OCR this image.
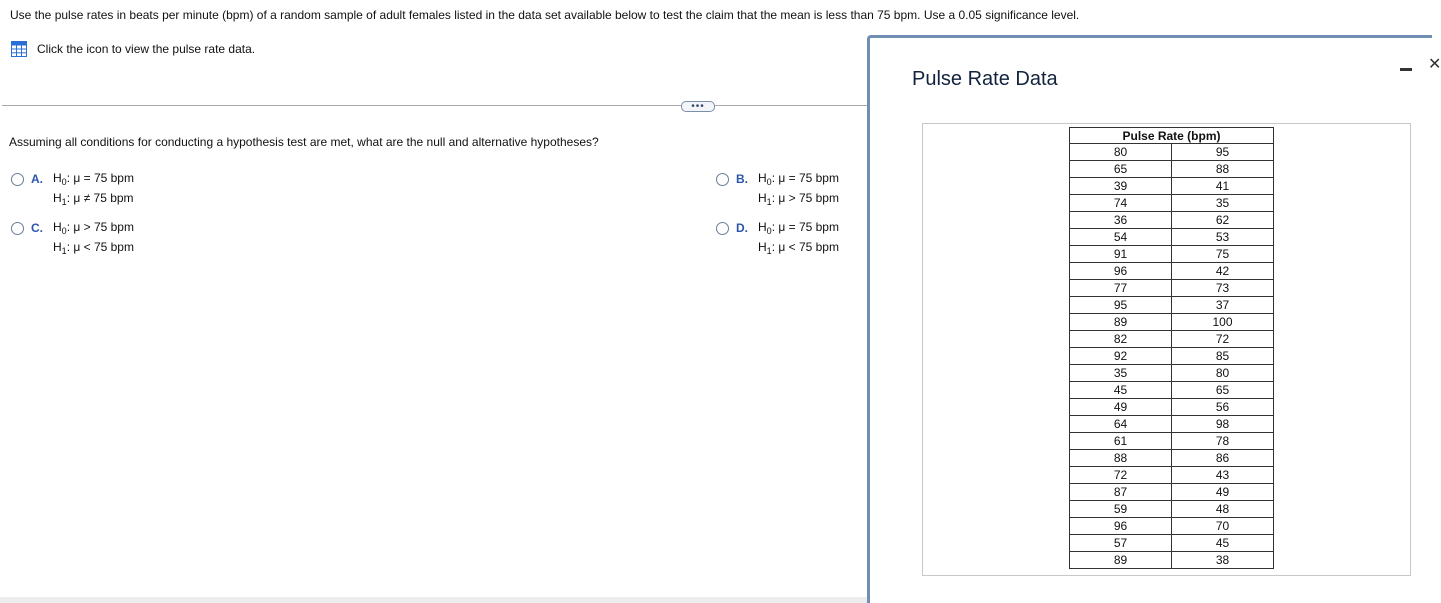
Use the pulse rates in beats per minute (bpm) of a random sample of adult females listed in the data set available below to test the claim that the mean is less than 75 bpm. Use a 0.05 significance level.
Click the icon to view the pulse rate data.
•••
Assuming all conditions for conducting a hypothesis test are met, what are the null and alternative hypotheses?
A. $H_0$: μ = 75 bpm
$H_1$: μ ≠ 75 bpm
B. $H_0$: μ = 75 bpm
$H_1$: μ > 75 bpm
C. $H_0$: μ > 75 bpm
$H_1$: μ < 75 bpm
D. $H_0$: μ = 75 bpm
$H_1$: μ < 75 bpm
Pulse Rate Data
✕
Pulse Rate (bpm)	
80	95
65	88
39	41
74	35
36	62
54	53
91	75
96	42
77	73
95	37
89	100
82	72
92	85
35	80
45	65
49	56
64	98
61	78
88	86
72	43
87	49
59	48
96	70
57	45
89	38
